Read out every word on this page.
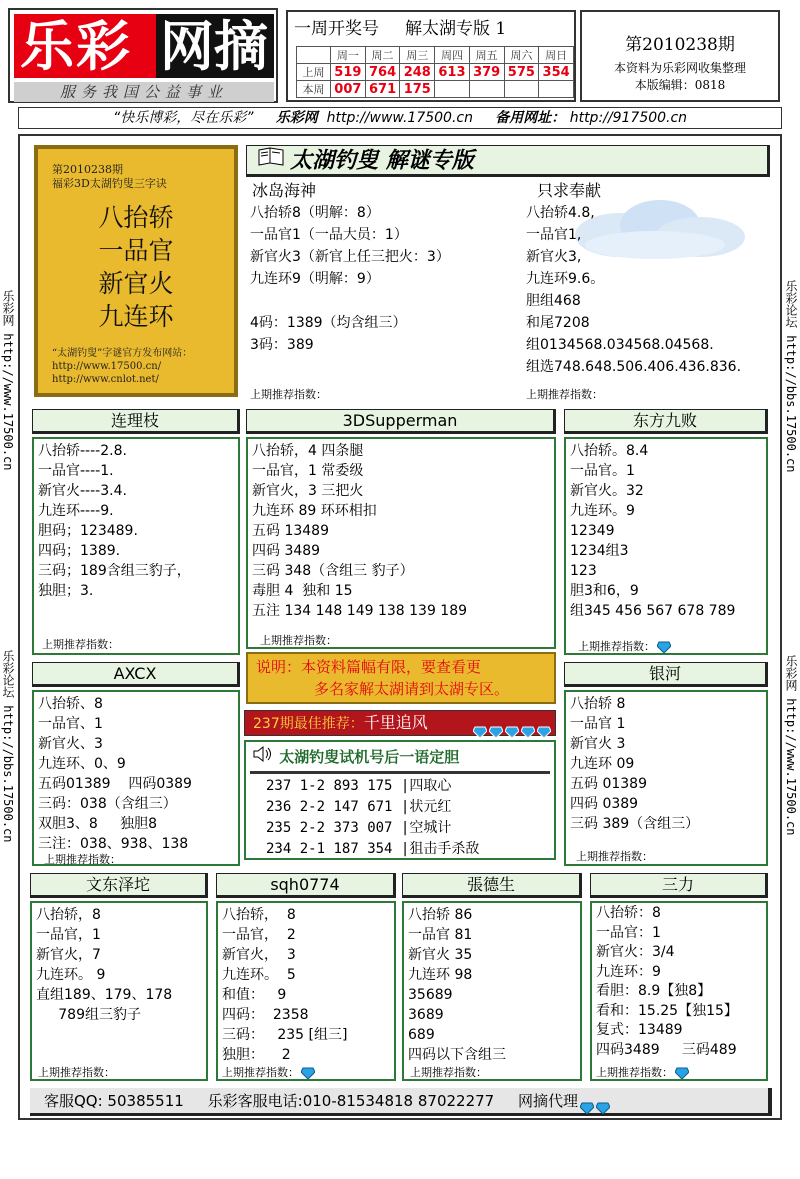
乐彩 网摘
服务我国公益事业
一周开奖号 解太湖专版 1
	周一	周二	周三	周四	周五	周六	周日
上周	519	764	248	613	379	575	354
本周	007	671	175				
第2010238期
本资料为乐彩网收集整理
本版编辑：0818
“快乐博彩，尽在乐彩” 乐彩网 http://www.17500.cn 备用网址： http://917500.cn
乐彩网 http://www.17500.cn
乐彩论坛 http://bbs.17500.cn
乐彩论坛 http://bbs.17500.cn
乐彩网 http://www.17500.cn
第2010238期
福彩3D太湖钓叟三字诀
八抬轿
一品官
新官火
九连环
“太湖钓叟”字谜官方发布网站：
http://www.17500.cn/
http://www.cnlot.net/
太湖钓叟 解谜专版
冰岛海神

八抬轿8（明解：8）

一品官1（一品大员：1）

新官火3（新官上任三把火：3）

九连环9（明解：9）

4码：1389（均含组三）

3码：389

上期推荐指数：
只求奉献

八抬轿4.8,

一品官1,

新官火3,

九连环9.6。

胆组468

和尾7208

组0134568.034568.04568.

组选748.648.506.406.436.836.

上期推荐指数：
连理枝

八抬轿----2.8.

一品官----1.

新官火----3.4.

九连环----9.

胆码；123489.

四码；1389.

三码；189含组三豹子，

独胆；3.

上期推荐指数：
3DSupperman

八抬轿，4 四条腿

一品官，1 常委级

新官火，3 三把火

九连环 89 环环相扣

五码 13489

四码 3489

三码 348（含组三 豹子）

毒胆 4  独和 15

五注 134 148 149 138 139 189

上期推荐指数：
东方九败

八抬轿。8.4

一品官。1

新官火。32

九连环。9

12349

1234组3

123

胆3和6，9

组345 456 567 678 789

上期推荐指数：
AXCX

八抬轿、8

一品官、1

新官火、3

九连环、0、9

五码01389    四码0389

三码：038（含组三）

双胆3、8     独胆8

三注：038、938、138

上期推荐指数：
说明：本资料篇幅有限，要查看更
多名家解太湖请到太湖专区。
237期最佳推荐：千里追风
太湖钓叟试机号后一语定胆
237 1-2 893 175 |四取心
236 2-2 147 671 |状元红
235 2-2 373 007 |空城计
234 2-1 187 354 |狙击手杀敌
银河

八抬轿 8

一品官 1

新官火 3

九连环 09

五码 01389

四码 0389

三码 389（含组三）

上期推荐指数：
文东泽坨

八抬轿，8

一品官，1

新官火，7

九连环。 9

直组189、179、178

789组三豹子

上期推荐指数：
sqh0774

八抬轿，  8

一品官，  2

新官火，  3

九连环。  5

和值：   9

四码：  2358

三码：   235 [组三]

独胆：    2

上期推荐指数：
張德生

八抬轿 86

一品官 81

新官火 35

九连环 98

35689

3689

689

四码以下含组三

上期推荐指数：
三力

八抬轿：8

一品官：1

新官火：3/4

九连环：9

看胆：8.9【独8】

看和：15.25【独15】

复式：13489

四码3489     三码489

上期推荐指数：
客服QQ: 50385511 乐彩客服电话:010-81534818 87022277 网摘代理
